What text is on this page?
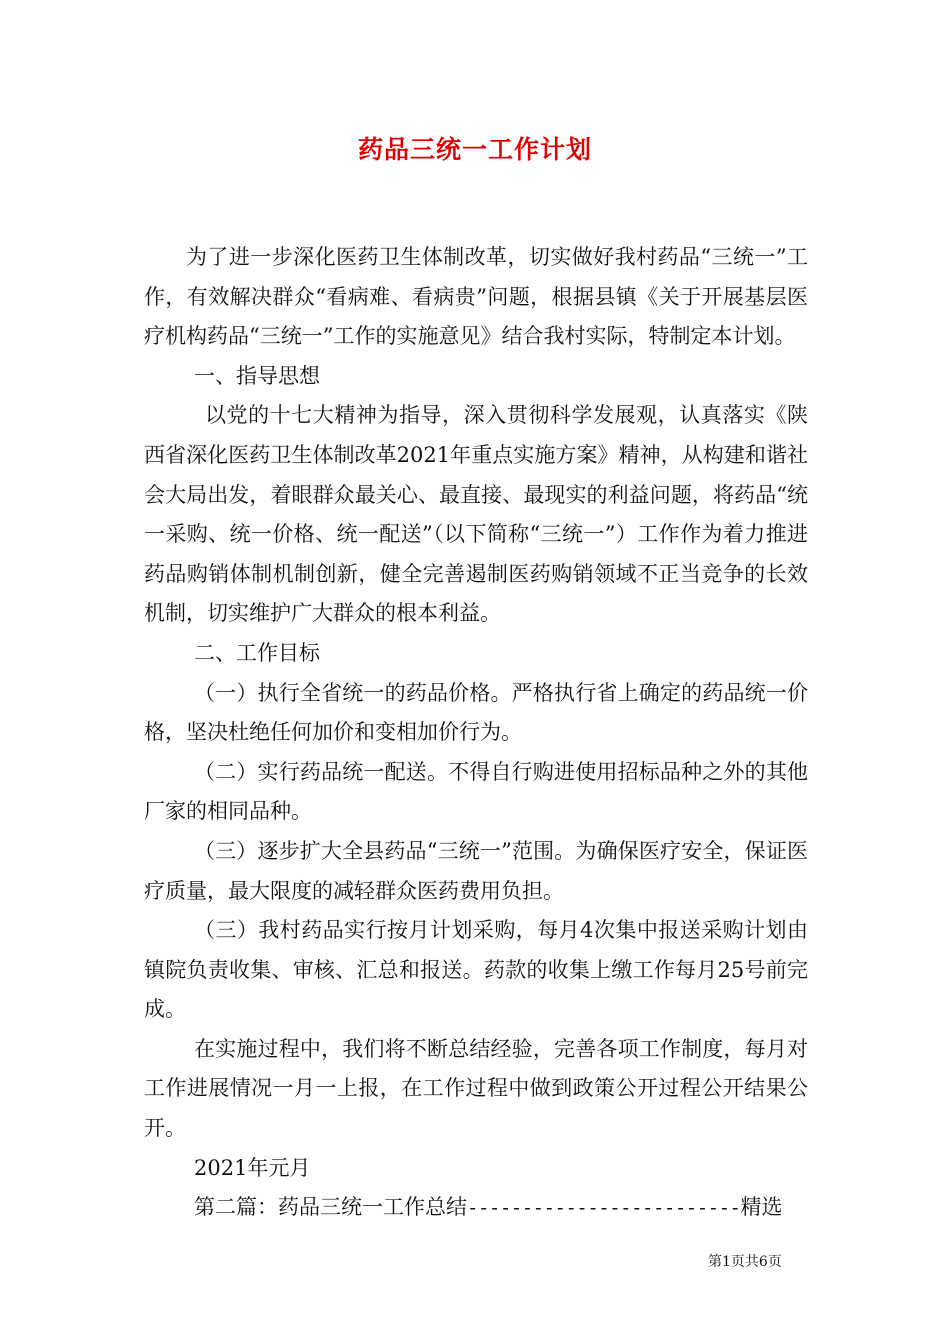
药品三统一工作计划

为了进一步深化医药卫生体制改革，切实做好我村药品“三统一”工作，有效解决群众“看病难、看病贵”问题，根据县镇《关于开展基层医疗机构药品“三统一”工作的实施意见》结合我村实际，特制定本计划。

一、指导思想

以党的十七大精神为指导，深入贯彻科学发展观，认真落实《陕西省深化医药卫生体制改革2021年重点实施方案》精神，从构建和谐社会大局出发，着眼群众最关心、最直接、最现实的利益问题，将药品“统一采购、统一价格、统一配送”（以下简称“三统一”）工作作为着力推进药品购销体制机制创新，健全完善遏制医药购销领域不正当竞争的长效机制，切实维护广大群众的根本利益。

二、工作目标

（一）执行全省统一的药品价格。严格执行省上确定的药品统一价格，坚决杜绝任何加价和变相加价行为。

（二）实行药品统一配送。不得自行购进使用招标品种之外的其他厂家的相同品种。

（三）逐步扩大全县药品“三统一”范围。为确保医疗安全，保证医疗质量，最大限度的减轻群众医药费用负担。

（三）我村药品实行按月计划采购，每月4次集中报送采购计划由镇院负责收集、审核、汇总和报送。药款的收集上缴工作每月25号前完成。

在实施过程中，我们将不断总结经验，完善各项工作制度，每月对工作进展情况一月一上报，在工作过程中做到政策公开过程公开结果公开。

2021年元月

第二篇：药品三统一工作总结-------------------------精选

第1页共6页
